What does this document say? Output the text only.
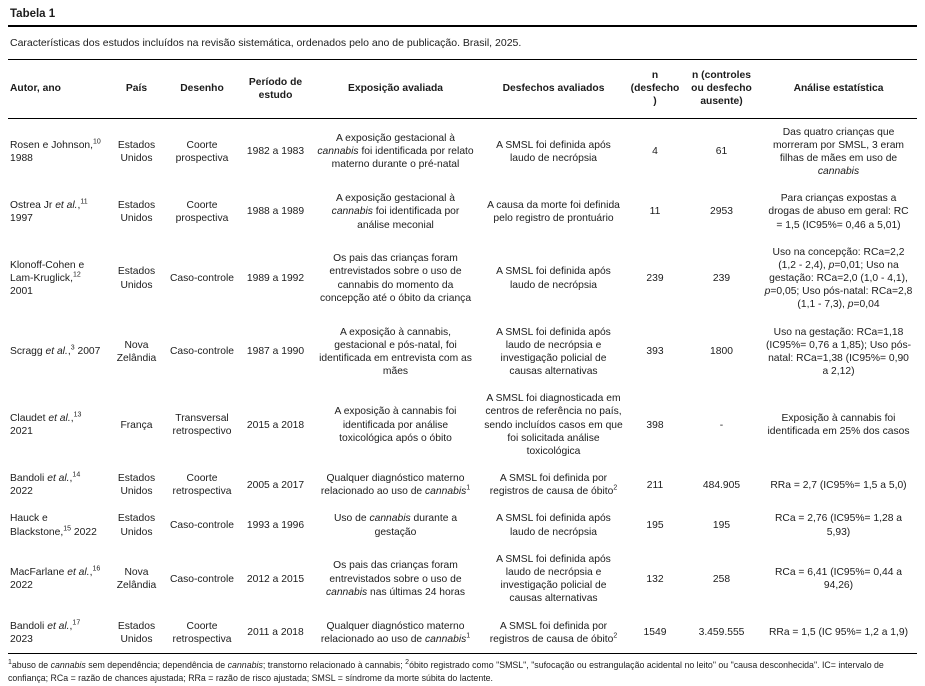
Tabela 1
Características dos estudos incluídos na revisão sistemática, ordenados pelo ano de publicação. Brasil, 2025.
Autor, ano	País	Desenho	Período de estudo	Exposição avaliada	Desfechos avaliados	n (desfecho)	n (controles ou desfecho ausente)	Análise estatística
Rosen e Johnson,$^{10}$ 1988	Estados Unidos	Coorte prospectiva	1982 a 1983	A exposição gestacional à cannabis foi identificada por relato materno durante o pré-natal	A SMSL foi definida após laudo de necrópsia	4	61	Das quatro crianças que morreram por SMSL, 3 eram filhas de mães em uso de cannabis
Ostrea Jr et al.,$^{11}$ 1997	Estados Unidos	Coorte prospectiva	1988 a 1989	A exposição gestacional à cannabis foi identificada por análise meconial	A causa da morte foi definida pelo registro de prontuário	11	2953	Para crianças expostas a drogas de abuso em geral: RC = 1,5 (IC95%= 0,46 a 5,01)
Klonoff-Cohen e Lam-Kruglick,$^{12}$ 2001	Estados Unidos	Caso-controle	1989 a 1992	Os pais das crianças foram entrevistados sobre o uso de cannabis do momento da concepção até o óbito da criança	A SMSL foi definida após laudo de necrópsia	239	239	Uso na concepção: RCa=2,2 (1,2 - 2,4), p=0,01; Uso na gestação: RCa=2,0 (1,0 - 4,1), p=0,05; Uso pós-natal: RCa=2,8 (1,1 - 7,3), p=0,04
Scragg et al.,$^3$ 2007	Nova Zelândia	Caso-controle	1987 a 1990	A exposição à cannabis, gestacional e pós-natal, foi identificada em entrevista com as mães	A SMSL foi definida após laudo de necrópsia e investigação policial de causas alternativas	393	1800	Uso na gestação: RCa=1,18 (IC95%= 0,76 a 1,85); Uso pós-natal: RCa=1,38 (IC95%= 0,90 a 2,12)
Claudet et al.,$^{13}$ 2021	França	Transversal retrospectivo	2015 a 2018	A exposição à cannabis foi identificada por análise toxicológica após o óbito	A SMSL foi diagnosticada em centros de referência no país, sendo incluídos casos em que foi solicitada análise toxicológica	398	-	Exposição à cannabis foi identificada em 25% dos casos
Bandoli et al.,$^{14}$ 2022	Estados Unidos	Coorte retrospectiva	2005 a 2017	Qualquer diagnóstico materno relacionado ao uso de cannabis$^1$	A SMSL foi definida por registros de causa de óbito$^2$	211	484.905	RRa = 2,7 (IC95%= 1,5 a 5,0)
Hauck e Blackstone,$^{15}$ 2022	Estados Unidos	Caso-controle	1993 a 1996	Uso de cannabis durante a gestação	A SMSL foi definida após laudo de necrópsia	195	195	RCa = 2,76 (IC95%= 1,28 a 5,93)
MacFarlane et al.,$^{16}$ 2022	Nova Zelândia	Caso-controle	2012 a 2015	Os pais das crianças foram entrevistados sobre o uso de cannabis nas últimas 24 horas	A SMSL foi definida após laudo de necrópsia e investigação policial de causas alternativas	132	258	RCa = 6,41 (IC95%= 0,44 a 94,26)
Bandoli et al.,$^{17}$ 2023	Estados Unidos	Coorte retrospectiva	2011 a 2018	Qualquer diagnóstico materno relacionado ao uso de cannabis$^1$	A SMSL foi definida por registros de causa de óbito$^2$	1549	3.459.555	RRa = 1,5 (IC 95%= 1,2 a 1,9)
$^1$abuso de cannabis sem dependência; dependência de cannabis; transtorno relacionado à cannabis; $^2$óbito registrado como "SMSL", "sufocação ou estrangulação acidental no leito" ou "causa desconhecida". IC= intervalo de confiança; RCa = razão de chances ajustada; RRa = razão de risco ajustada; SMSL = síndrome da morte súbita do lactente.
